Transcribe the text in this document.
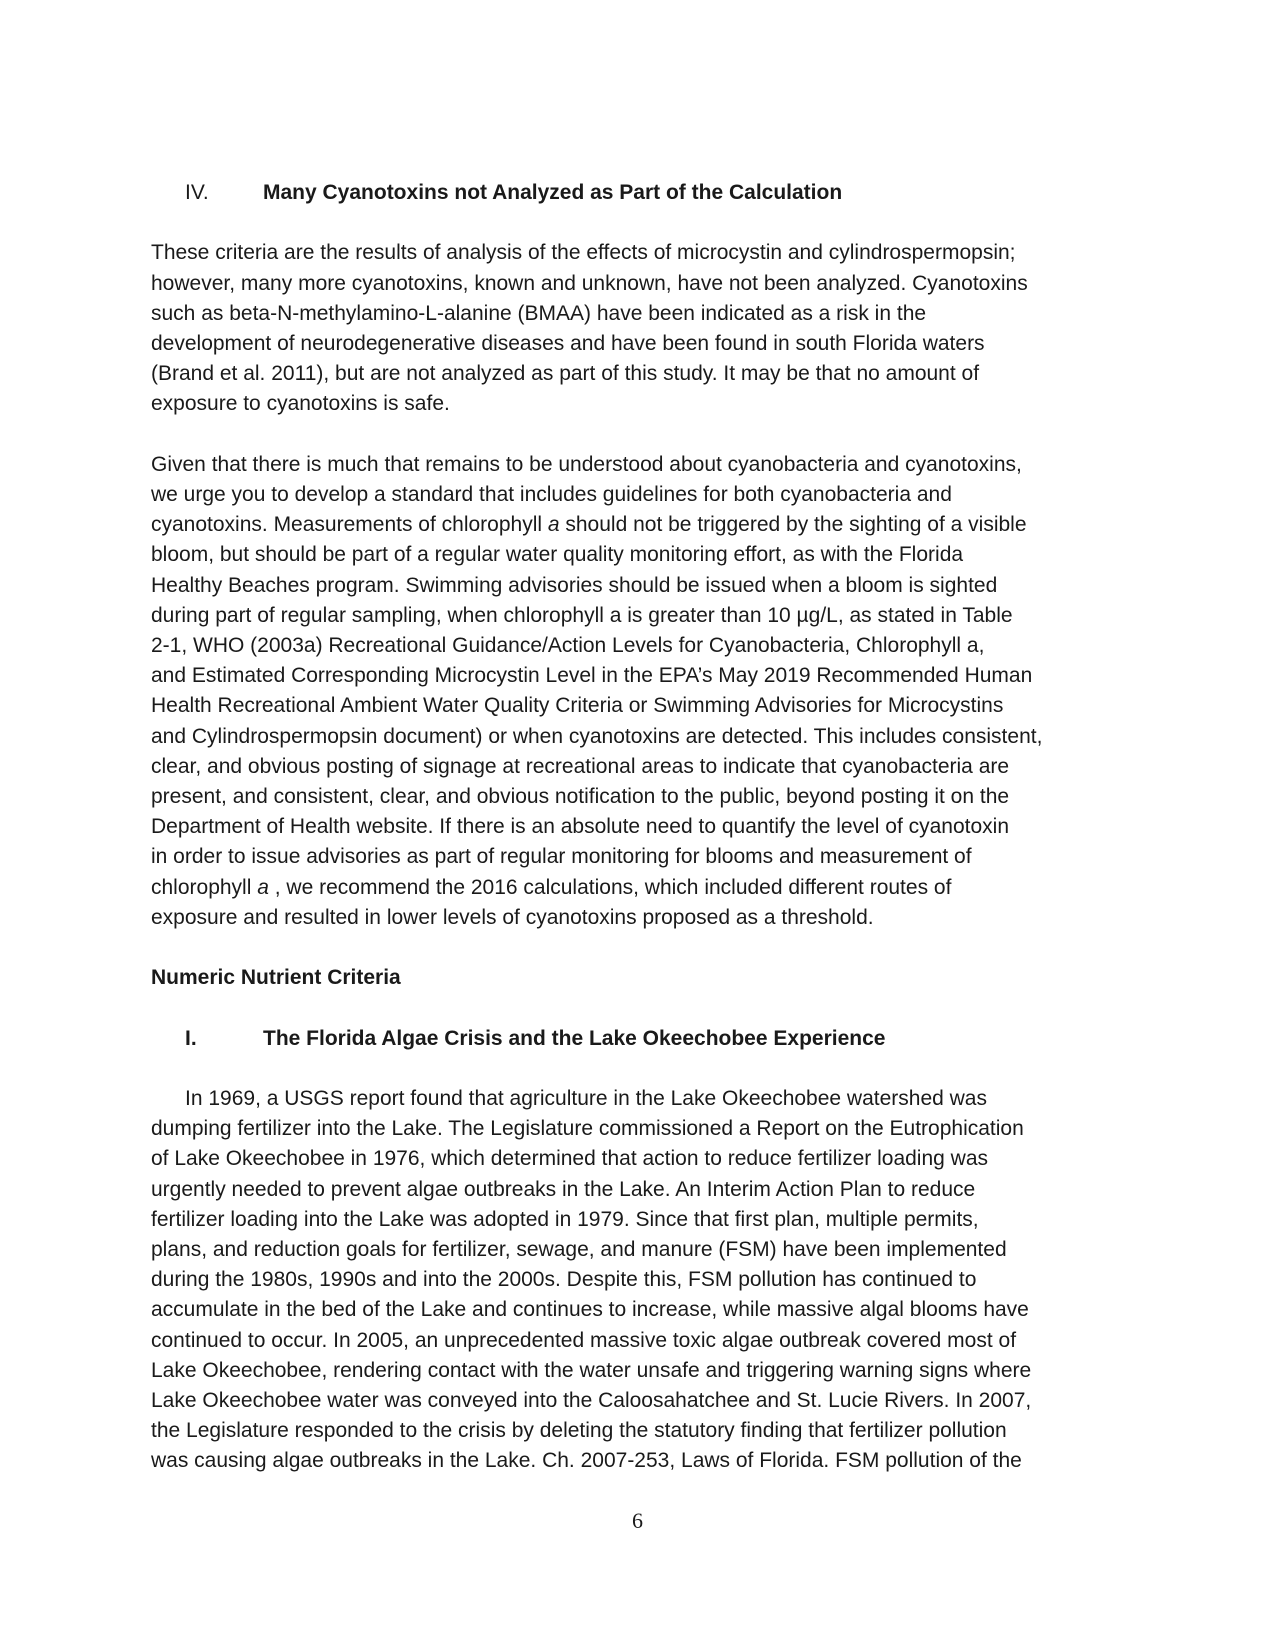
IV.	Many Cyanotoxins not Analyzed as Part of the Calculation
These criteria are the results of analysis of the effects of microcystin and cylindrospermopsin;
however, many more cyanotoxins, known and unknown, have not been analyzed. Cyanotoxins
such as beta-N-methylamino-L-alanine (BMAA) have been indicated as a risk in the
development of neurodegenerative diseases and have been found in south Florida waters
(Brand et al. 2011), but are not analyzed as part of this study. It may be that no amount of
exposure to cyanotoxins is safe.
Given that there is much that remains to be understood about cyanobacteria and cyanotoxins,
we urge you to develop a standard that includes guidelines for both cyanobacteria and
cyanotoxins. Measurements of chlorophyll a should not be triggered by the sighting of a visible
bloom, but should be part of a regular water quality monitoring effort, as with the Florida
Healthy Beaches program. Swimming advisories should be issued when a bloom is sighted
during part of regular sampling, when chlorophyll a is greater than 10 µg/L, as stated in Table
2-1, WHO (2003a) Recreational Guidance/Action Levels for Cyanobacteria, Chlorophyll a,
and Estimated Corresponding Microcystin Level in the EPA’s May 2019 Recommended Human
Health Recreational Ambient Water Quality Criteria or Swimming Advisories for Microcystins
and Cylindrospermopsin document) or when cyanotoxins are detected. This includes consistent,
clear, and obvious posting of signage at recreational areas to indicate that cyanobacteria are
present, and consistent, clear, and obvious notification to the public, beyond posting it on the
Department of Health website. If there is an absolute need to quantify the level of cyanotoxin
in order to issue advisories as part of regular monitoring for blooms and measurement of
chlorophyll a , we recommend the 2016 calculations, which included different routes of
exposure and resulted in lower levels of cyanotoxins proposed as a threshold.
Numeric Nutrient Criteria
I.	The Florida Algae Crisis and the Lake Okeechobee Experience
In 1969, a USGS report found that agriculture in the Lake Okeechobee watershed was
dumping fertilizer into the Lake. The Legislature commissioned a Report on the Eutrophication
of Lake Okeechobee in 1976, which determined that action to reduce fertilizer loading was
urgently needed to prevent algae outbreaks in the Lake. An Interim Action Plan to reduce
fertilizer loading into the Lake was adopted in 1979. Since that first plan, multiple permits,
plans, and reduction goals for fertilizer, sewage, and manure (FSM) have been implemented
during the 1980s, 1990s and into the 2000s. Despite this, FSM pollution has continued to
accumulate in the bed of the Lake and continues to increase, while massive algal blooms have
continued to occur. In 2005, an unprecedented massive toxic algae outbreak covered most of
Lake Okeechobee, rendering contact with the water unsafe and triggering warning signs where
Lake Okeechobee water was conveyed into the Caloosahatchee and St. Lucie Rivers. In 2007,
the Legislature responded to the crisis by deleting the statutory finding that fertilizer pollution
was causing algae outbreaks in the Lake. Ch. 2007-253, Laws of Florida. FSM pollution of the
6
